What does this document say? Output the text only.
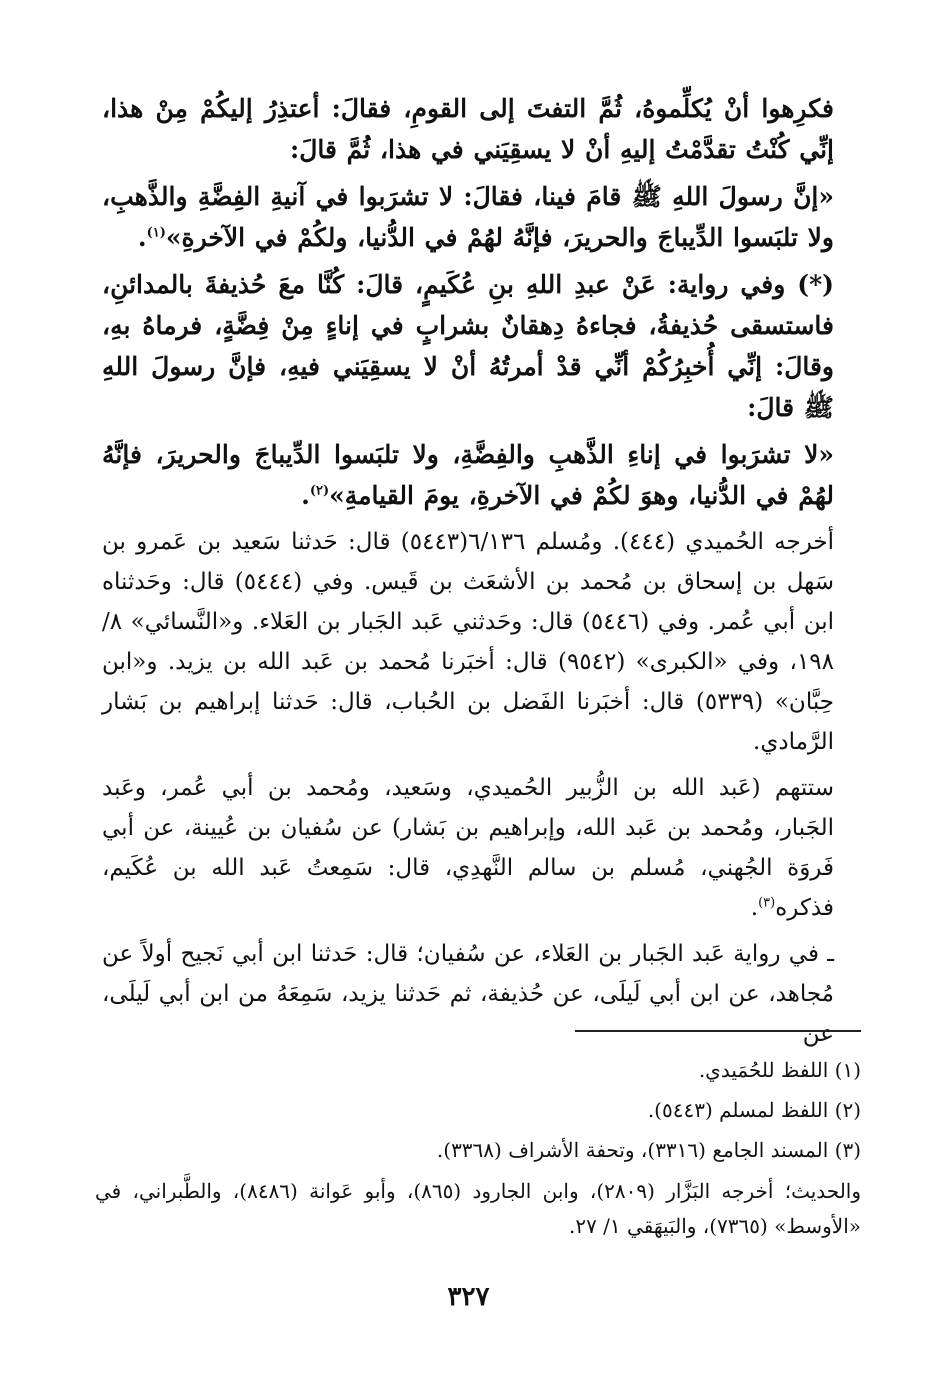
فكرِهوا أنْ يُكلِّموهُ، ثُمَّ التفتَ إلى القومِ، فقالَ: أعتذِرُ إليكُمْ مِنْ هذا، إنِّي كُنْتُ تقدَّمْتُ إليهِ أنْ لا يسقِيَني في هذا، ثُمَّ قالَ:

«إنَّ رسولَ اللهِ ﷺ قامَ فينا، فقالَ: لا تشرَبوا في آنيةِ الفِضَّةِ والذَّهبِ، ولا تلبَسوا الدِّيباجَ والحريرَ، فإنَّهُ لهُمْ في الدُّنيا، ولكُمْ في الآخرةِ»$^{(١)}$.

(*) وفي رواية: عَنْ عبدِ اللهِ بنِ عُكَيمٍ، قالَ: كُنَّا معَ حُذيفةَ بالمدائنِ، فاستسقى حُذيفةُ، فجاءهُ دِهقانٌ بشرابٍ في إناءٍ مِنْ فِضَّةٍ، فرماهُ بهِ، وقالَ: إنِّي أُخبِرُكُمْ أنِّي قدْ أمرتُهُ أنْ لا يسقِيَني فيهِ، فإنَّ رسولَ اللهِ ﷺ قالَ:

«لا تشرَبوا في إناءِ الذَّهبِ والفِضَّةِ، ولا تلبَسوا الدِّيباجَ والحريرَ، فإنَّهُ لهُمْ في الدُّنيا، وهوَ لكُمْ في الآخرةِ، يومَ القيامةِ»$^{(٢)}$.

أخرجه الحُميدي (٤٤٤). ومُسلم ٦/١٣٦(٥٤٤٣) قال: حَدثنا سَعيد بن عَمرو بن سَهل بن إسحاق بن مُحمد بن الأشعَث بن قَيس. وفي (٥٤٤٤) قال: وحَدثناه ابن أبي عُمر. وفي (٥٤٤٦) قال: وحَدثني عَبد الجَبار بن العَلاء. و«النَّسائي» ٨/ ١٩٨، وفي «الكبرى» (٩٥٤٢) قال: أخبَرنا مُحمد بن عَبد الله بن يزيد. و«ابن حِبَّان» (٥٣٣٩) قال: أخبَرنا الفَضل بن الحُباب، قال: حَدثنا إبراهيم بن بَشار الرَّمادي.

ستتهم (عَبد الله بن الزُّبير الحُميدي، وسَعيد، ومُحمد بن أبي عُمر، وعَبد الجَبار، ومُحمد بن عَبد الله، وإبراهيم بن بَشار) عن سُفيان بن عُيينة، عن أبي فَروَة الجُهني، مُسلم بن سالم النَّهدِي، قال: سَمِعتُ عَبد الله بن عُكَيم، فذكره$^{(٣)}$.

ـ في رواية عَبد الجَبار بن العَلاء، عن سُفيان؛ قال: حَدثنا ابن أبي نَجيح أولاً عن مُجاهد، عن ابن أبي لَيلَى، عن حُذيفة، ثم حَدثنا يزيد، سَمِعَهُ من ابن أبي لَيلَى، عن

(١) اللفظ للحُمَيدي.

(٢) اللفظ لمسلم (٥٤٤٣).

(٣) المسند الجامع (٣٣١٦)، وتحفة الأشراف (٣٣٦٨).

والحديث؛ أخرجه البَزَّار (٢٨٠٩)، وابن الجارود (٨٦٥)، وأبو عَوانة (٨٤٨٦)، والطَّبراني، في «الأوسط» (٧٣٦٥)، والبَيهَقي ١/ ٢٧.

٣٢٧
